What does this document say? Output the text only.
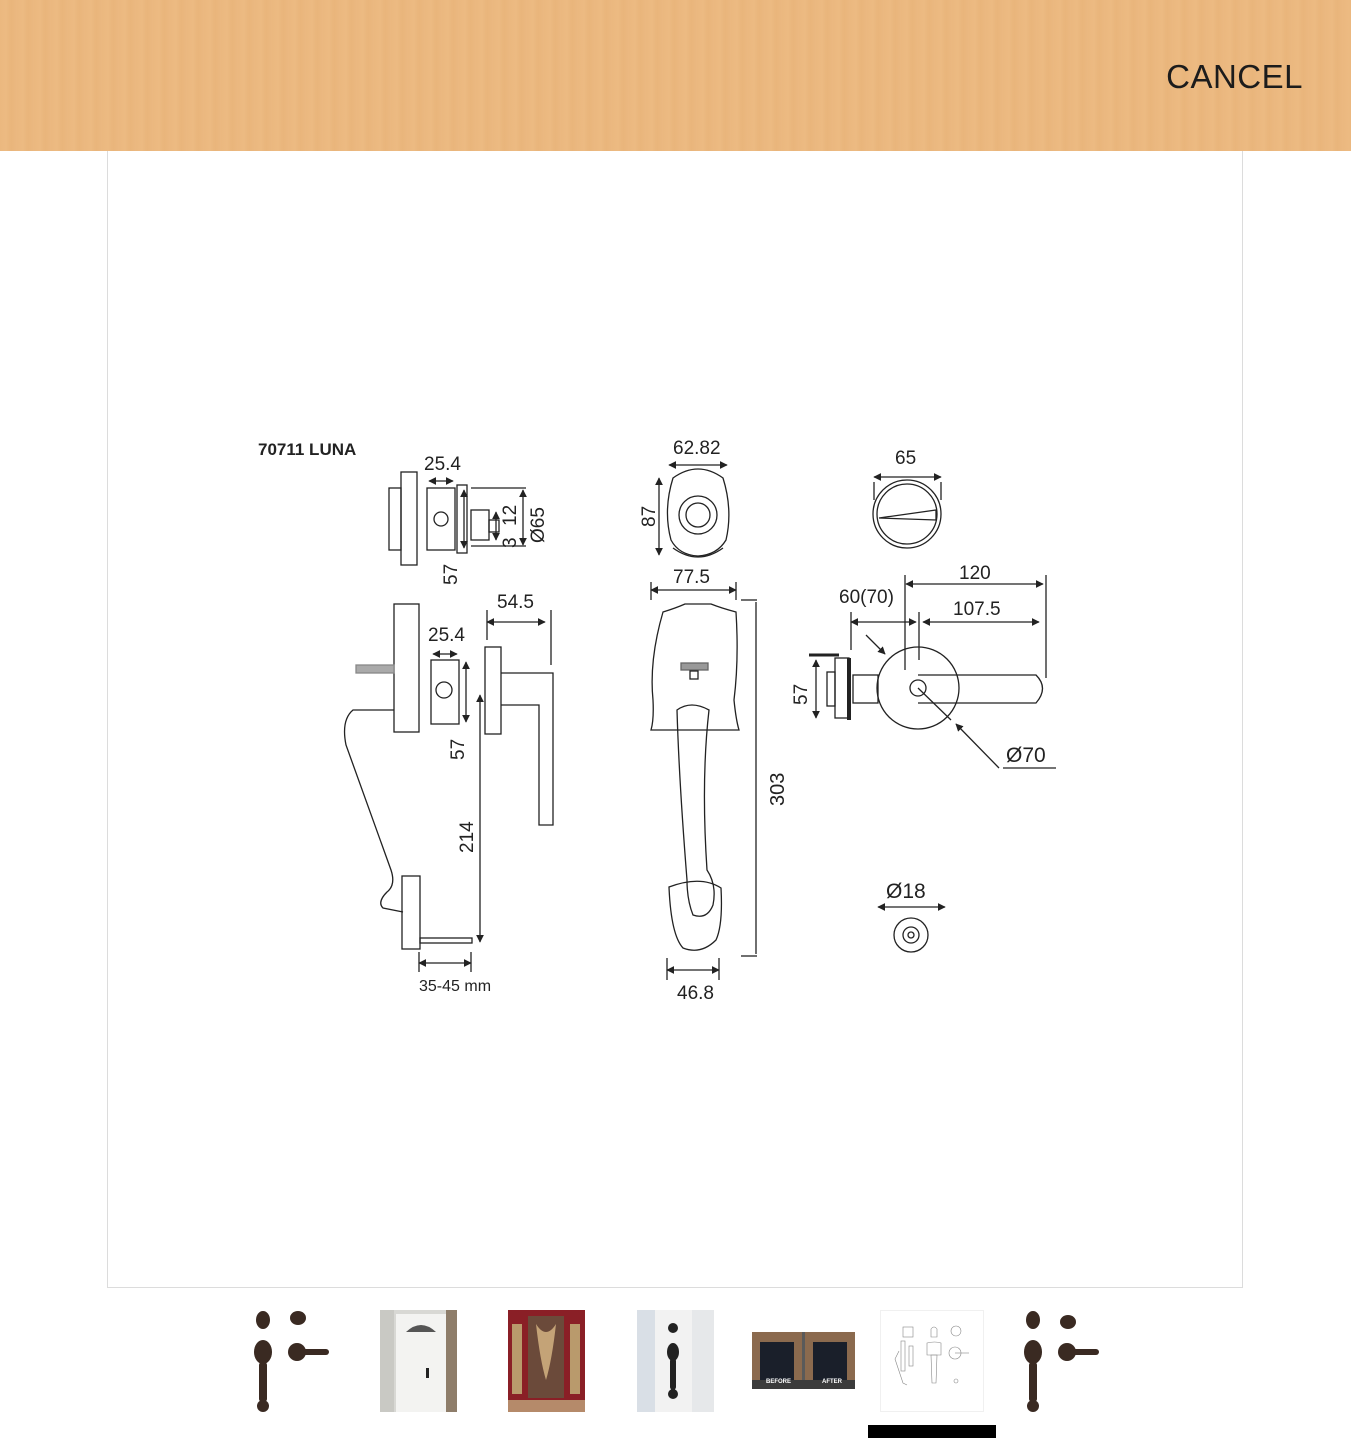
CANCEL
70711 LUNA
25.4
3
12 Ø65
57
62.82
87
65
54.5
25.4
57
214
35-45 mm
77.5
303
46.8
120
107.5
60(70)
57
Ø70
Ø18
BEFORE	AFTER
